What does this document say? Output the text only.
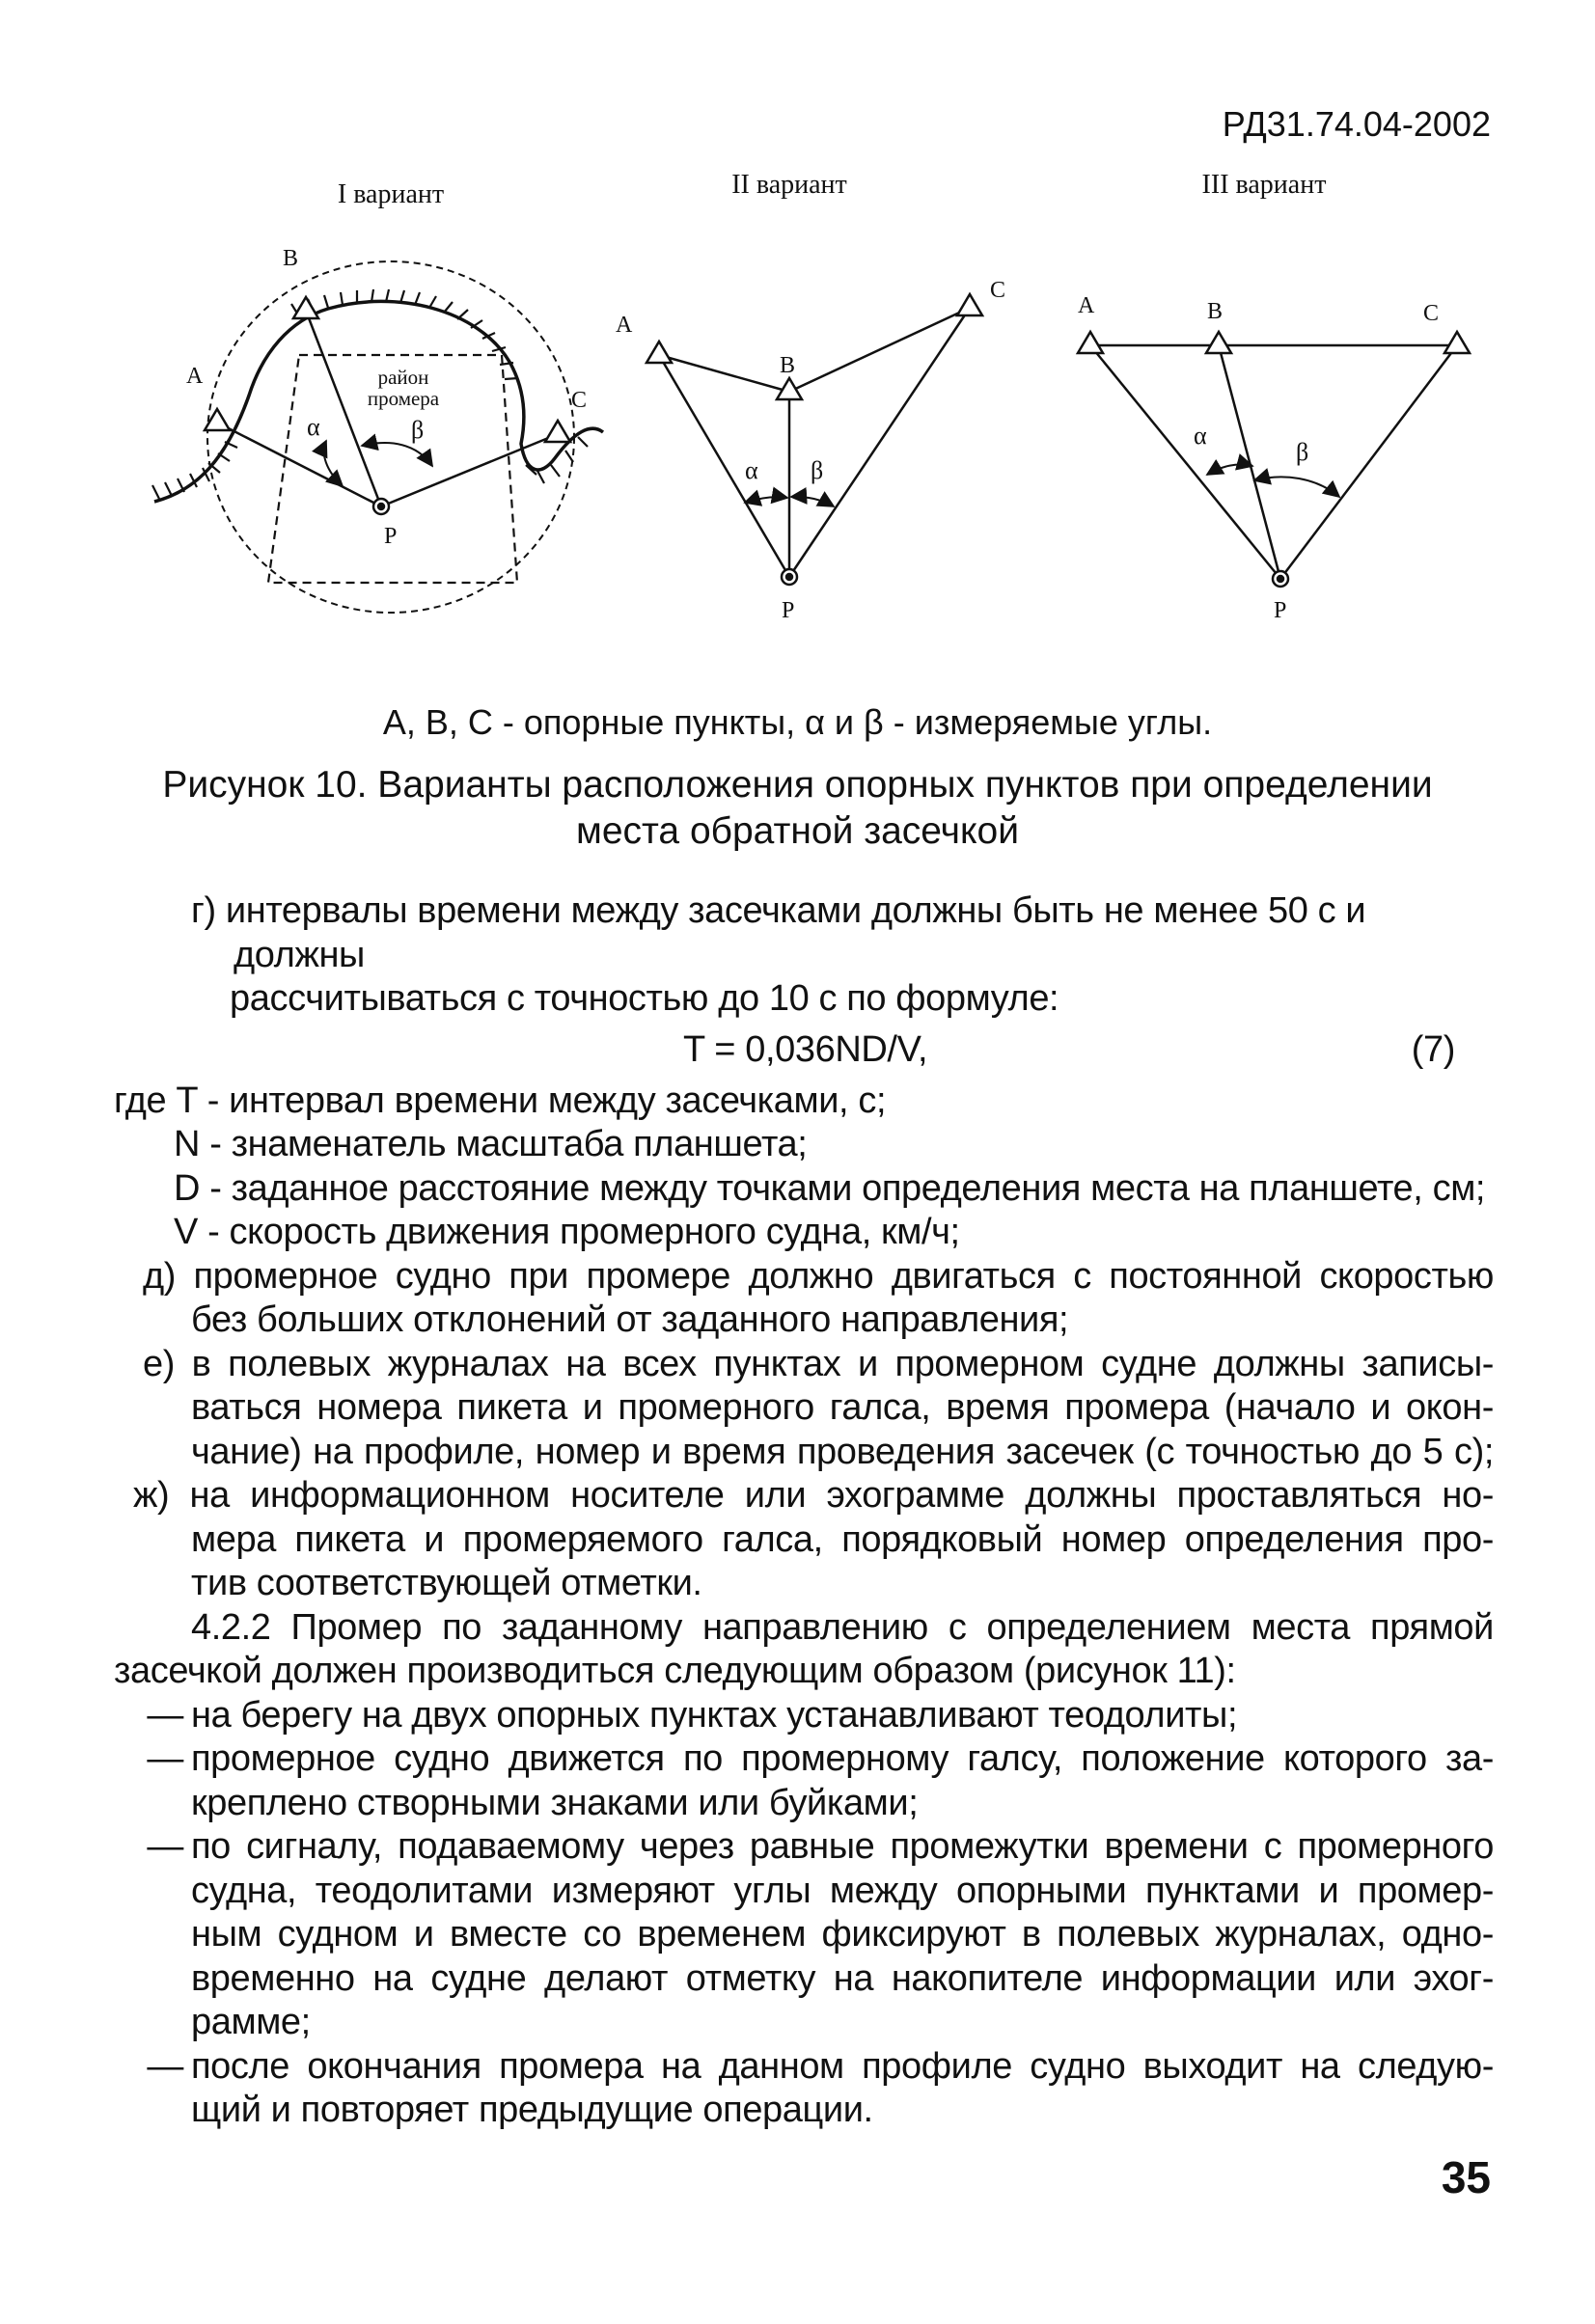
РД31.74.04-2002
I вариант	II вариант	III вариант
A
B
C
P
α	β
район
промера
A
B
C
P
α β
A	B	C
P
α
β
А, В, С - опорные пункты, α и β - измеряемые углы.
Рисунок 10. Варианты расположения опорных пунктов при определении
места обратной засечкой

г) интервалы времени между засечками должны быть не менее 50 с и должны

рассчитываться с точностью до 10 с по формуле:

T = 0,036ND/V,	(7)

где T - интервал времени между засечками, с;

N - знаменатель масштаба планшета;

D - заданное расстояние между точками определения места на планшете, см;

V - скорость движения промерного судна, км/ч;

д) промерное судно при промере должно двигаться с постоянной скоростью

без больших отклонений от заданного направления;

е) в полевых журналах на всех пунктах и промерном судне должны записы-

ваться номера пикета и промерного галса, время промера (начало и окон-

чание) на профиле, номер и время проведения засечек (с точностью до 5 с);

ж) на информационном носителе или эхограмме должны проставляться но-

мера пикета и промеряемого галса, порядковый номер определения про-

тив соответствующей отметки.

4.2.2 Промер по заданному направлению с определением места прямой

засечкой должен производиться следующим образом (рисунок 11):

— на берегу на двух опорных пунктах устанавливают теодолиты;
— промерное судно движется по промерному галсу, положение которого за-
креплено створными знаками или буйками;
— по сигналу, подаваемому через равные промежутки времени с промерного
судна, теодолитами измеряют углы между опорными пунктами и промер-
ным судном и вместе со временем фиксируют в полевых журналах, одно-
временно на судне делают отметку на накопителе информации или эхог-
рамме;
— после окончания промера на данном профиле судно выходит на следую-
щий и повторяет предыдущие операции.
35
